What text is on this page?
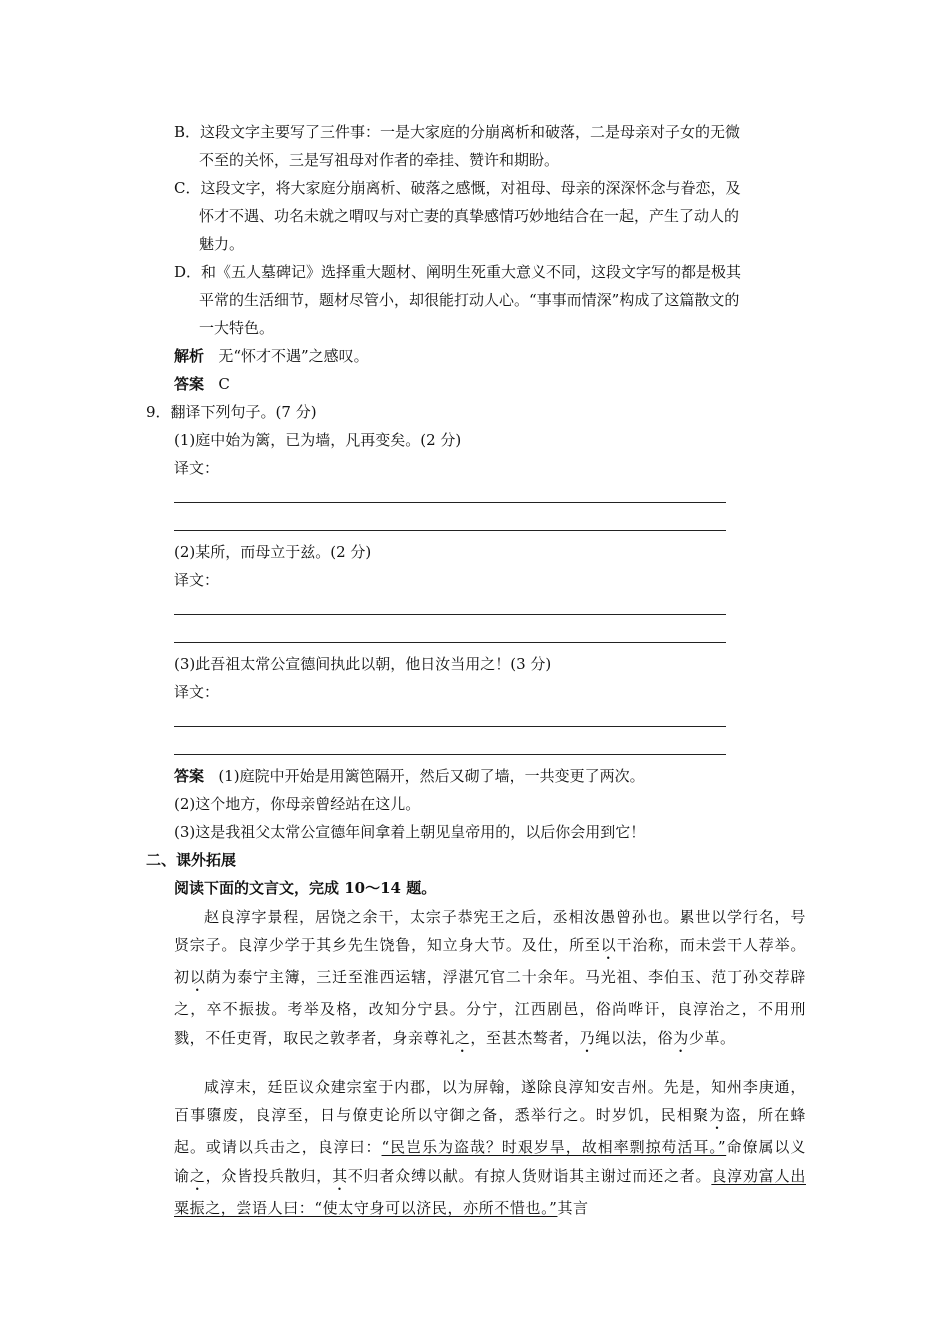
B．这段文字主要写了三件事：一是大家庭的分崩离析和破落，二是母亲对子女的无微
不至的关怀，三是写祖母对作者的牵挂、赞许和期盼。
C．这段文字，将大家庭分崩离析、破落之感慨，对祖母、母亲的深深怀念与眷恋，及
怀才不遇、功名未就之喟叹与对亡妻的真挚感情巧妙地结合在一起，产生了动人的
魅力。
D．和《五人墓碑记》选择重大题材、阐明生死重大意义不同，这段文字写的都是极其
平常的生活细节，题材尽管小，却很能打动人心。“事事而情深”构成了这篇散文的
一大特色。
解析 无“怀才不遇”之感叹。
答案 C
9．翻译下列句子。(7 分)
(1)庭中始为篱，已为墙，凡再变矣。(2 分)
译文：
(2)某所，而母立于兹。(2 分)
译文：
(3)此吾祖太常公宣德间执此以朝，他日汝当用之！(3 分)
译文：
答案 (1)庭院中开始是用篱笆隔开，然后又砌了墙，一共变更了两次。
(2)这个地方，你母亲曾经站在这儿。
(3)这是我祖父太常公宣德年间拿着上朝见皇帝用的，以后你会用到它！
二、课外拓展
阅读下面的文言文，完成 10～14 题。
赵良淳字景程，居饶之余干，太宗子恭宪王之后，丞相汝愚曾孙也。累世以学行名，号贤宗子。良淳少学于其乡先生饶鲁，知立身大节。及仕，所至以干治称，而未尝干人荐举。初以荫为泰宁主簿，三迁至淮西运辖，浮湛冗官二十余年。马光祖、李伯玉、范丁孙交荐辟之，卒不振拔。考举及格，改知分宁县。分宁，江西剧邑，俗尚哗讦，良淳治之，不用刑戮，不任吏胥，取民之敦孝者，身亲尊礼之，至甚杰骜者，乃绳以法，俗为少革。
咸淳末，廷臣议众建宗室于内郡，以为屏翰，遂除良淳知安吉州。先是，知州李庚通，百事隳废，良淳至，日与僚吏论所以守御之备，悉举行之。时岁饥，民相聚为盗，所在蜂起。或请以兵击之，良淳曰：“民岂乐为盗哉？时艰岁旱，故相率剽掠苟活耳。”命僚属以义谕之，众皆投兵散归，其不归者众缚以献。有掠人货财诣其主谢过而还之者。良淳劝富人出粟振之，尝语人曰：“使太守身可以济民，亦所不惜也。”其言
